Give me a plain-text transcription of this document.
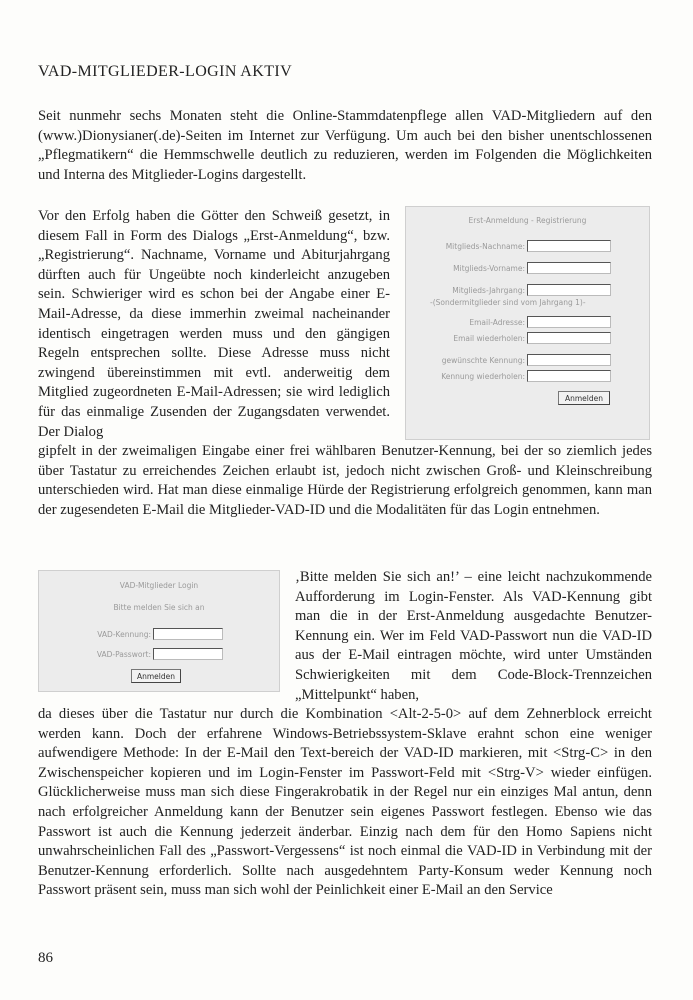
VAD-MITGLIEDER-LOGIN AKTIV
Seit nunmehr sechs Monaten steht die Online-Stammdatenpflege allen VAD-Mitgliedern auf den (www.)Dionysianer(.de)-Seiten im Internet zur Verfügung. Um auch bei den bisher unentschlossenen „Pflegmatikern“ die Hemmschwelle deutlich zu reduzieren, werden im Folgenden die Möglichkeiten und Interna des Mitglieder-Logins dargestellt.
Vor den Erfolg haben die Götter den Schweiß gesetzt, in diesem Fall in Form des Dialogs „Erst-Anmeldung“, bzw. „Registrierung“. Nachname, Vorname und Abiturjahrgang dürften auch für Ungeübte noch kinderleicht anzugeben sein. Schwieriger wird es schon bei der Angabe einer E-Mail-Adresse, da diese immerhin zweimal nacheinander identisch eingetragen werden muss und den gängigen Regeln entsprechen sollte. Diese Adresse muss nicht zwingend übereinstimmen mit evtl. anderweitig dem Mitglied zugeordneten E-Mail-Adressen; sie wird lediglich für das einmalige Zusenden der Zugangsdaten verwendet. Der Dialog
Erst-Anmeldung - Registrierung
Mitglieds-Nachname:
Mitglieds-Vorname:
Mitglieds-Jahrgang:
-(Sondermitglieder sind vom Jahrgang 1)-
Email-Adresse:
Email wiederholen:
gewünschte Kennung:
Kennung wiederholen:
Anmelden
gipfelt in der zweimaligen Eingabe einer frei wählbaren Benutzer-Kennung, bei der so ziemlich jedes über Tastatur zu erreichendes Zeichen erlaubt ist, jedoch nicht zwischen Groß- und Kleinschreibung unterschieden wird. Hat man diese einmalige Hürde der Registrierung erfolgreich genommen, kann man der zugesendeten E-Mail die Mitglieder-VAD-ID und die Modalitäten für das Login entnehmen.
VAD-Mitglieder Login
Bitte melden Sie sich an
VAD-Kennung:
VAD-Passwort:
Anmelden
‚Bitte melden Sie sich an!’ – eine leicht nachzukommende Aufforderung im Login-Fenster. Als VAD-Kennung gibt man die in der Erst-Anmeldung ausgedachte Benutzer-Kennung ein. Wer im Feld VAD-Passwort nun die VAD-ID aus der E-Mail eintragen möchte, wird unter Umständen Schwierigkeiten mit dem Code-Block-Trennzeichen „Mittelpunkt“ haben,
da dieses über die Tastatur nur durch die Kombination <Alt-2-5-0> auf dem Zehnerblock erreicht werden kann. Doch der erfahrene Windows-Betriebssystem-Sklave erahnt schon eine weniger aufwendigere Methode: In der E-Mail den Text-bereich der VAD-ID markieren, mit <Strg-C> in den Zwischenspeicher kopieren und im Login-Fenster im Passwort-Feld mit <Strg-V> wieder einfügen. Glücklicherweise muss man sich diese Fingerakrobatik in der Regel nur ein einziges Mal antun, denn nach erfolgreicher Anmeldung kann der Benutzer sein eigenes Passwort festlegen. Ebenso wie das Passwort ist auch die Kennung jederzeit änderbar. Einzig nach dem für den Homo Sapiens nicht unwahrscheinlichen Fall des „Passwort-Vergessens“ ist noch einmal die VAD-ID in Verbindung mit der Benutzer-Kennung erforderlich. Sollte nach ausgedehntem Party-Konsum weder Kennung noch Passwort präsent sein, muss man sich wohl der Peinlichkeit einer E-Mail an den Service
86
